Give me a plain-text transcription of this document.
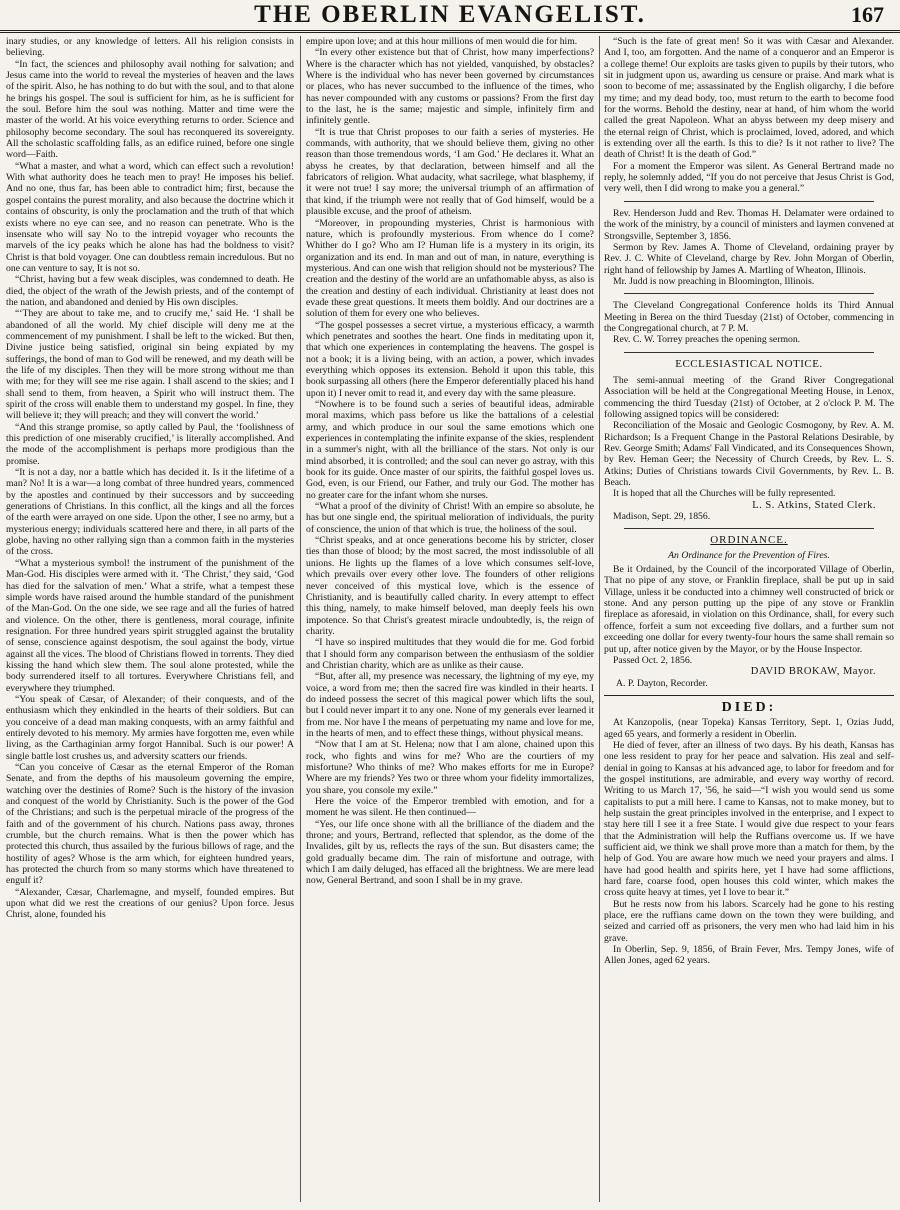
THE OBERLIN EVANGELIST.	167

inary studies, or any knowledge of letters. All his religion consists in believing.

“In fact, the sciences and philosophy avail nothing for salvation; and Jesus came into the world to reveal the mysteries of heaven and the laws of the spirit. Also, he has nothing to do but with the soul, and to that alone he brings his gospel. The soul is sufficient for him, as he is sufficient for the soul. Before him the soul was nothing. Matter and time were the master of the world. At his voice everything returns to order. Science and philosophy become secondary. The soul has reconquered its sovereignty. All the scholastic scaffolding falls, as an edifice ruined, before one single word—Faith.

“What a master, and what a word, which can effect such a revolution! With what authority does he teach men to pray! He imposes his belief. And no one, thus far, has been able to contradict him; first, because the gospel contains the purest morality, and also because the doctrine which it contains of obscurity, is only the proclamation and the truth of that which exists where no eye can see, and no reason can penetrate. Who is the insensate who will say No to the intrepid voyager who recounts the marvels of the icy peaks which he alone has had the boldness to visit? Christ is that bold voyager. One can doubtless remain incredulous. But no one can venture to say, It is not so.

“Christ, having but a few weak disciples, was condemned to death. He died, the object of the wrath of the Jewish priests, and of the contempt of the nation, and abandoned and denied by His own disciples.

“‘They are about to take me, and to crucify me,’ said He. ‘I shall be abandoned of all the world. My chief disciple will deny me at the commencement of my punishment. I shall be left to the wicked. But then, Divine justice being satisfied, original sin being expiated by my sufferings, the bond of man to God will be renewed, and my death will be the life of my disciples. Then they will be more strong without me than with me; for they will see me rise again. I shall ascend to the skies; and I shall send to them, from heaven, a Spirit who will instruct them. The spirit of the cross will enable them to understand my gospel. In fine, they will believe it; they will preach; and they will convert the world.’

“And this strange promise, so aptly called by Paul, the ‘foolishness of this prediction of one miserably crucified,’ is literally accomplished. And the mode of the accomplishment is perhaps more prodigious than the promise.

“It is not a day, nor a battle which has decided it. Is it the lifetime of a man? No! It is a war—a long combat of three hundred years, commenced by the apostles and continued by their successors and by succeeding generations of Christians. In this conflict, all the kings and all the forces of the earth were arrayed on one side. Upon the other, I see no army, but a mysterious energy; individuals scattered here and there, in all parts of the globe, having no other rallying sign than a common faith in the mysteries of the cross.

“What a mysterious symbol! the instrument of the punishment of the Man-God. His disciples were armed with it. ‘The Christ,’ they said, ‘God has died for the salvation of men.’ What a strife, what a tempest these simple words have raised around the humble standard of the punishment of the Man-God. On the one side, we see rage and all the furies of hatred and violence. On the other, there is gentleness, moral courage, infinite resignation. For three hundred years spirit struggled against the brutality of sense, conscience against despotism, the soul against the body, virtue against all the vices. The blood of Christians flowed in torrents. They died kissing the hand which slew them. The soul alone protested, while the body surrendered itself to all tortures. Everywhere Christians fell, and everywhere they triumphed.

“You speak of Cæsar, of Alexander; of their conquests, and of the enthusiasm which they enkindled in the hearts of their soldiers. But can you conceive of a dead man making conquests, with an army faithful and entirely devoted to his memory. My armies have forgotten me, even while living, as the Carthaginian army forgot Hannibal. Such is our power! A single battle lost crushes us, and adversity scatters our friends.

“Can you conceive of Cæsar as the eternal Emperor of the Roman Senate, and from the depths of his mausoleum governing the empire, watching over the destinies of Rome? Such is the history of the invasion and conquest of the world by Christianity. Such is the power of the God of the Christians; and such is the perpetual miracle of the progress of the faith and of the government of his church. Nations pass away, thrones crumble, but the church remains. What is then the power which has protected this church, thus assailed by the furious billows of rage, and the hostility of ages? Whose is the arm which, for eighteen hundred years, has protected the church from so many storms which have threatened to engulf it?

“Alexander, Cæsar, Charlemagne, and myself, founded empires. But upon what did we rest the creations of our genius? Upon force. Jesus Christ, alone, founded his

empire upon love; and at this hour millions of men would die for him.

“In every other existence but that of Christ, how many imperfections? Where is the character which has not yielded, vanquished, by obstacles? Where is the individual who has never been governed by circumstances or places, who has never succumbed to the influence of the times, who has never compounded with any customs or passions? From the first day to the last, he is the same; majestic and simple, infinitely firm and infinitely gentle.

“It is true that Christ proposes to our faith a series of mysteries. He commands, with authority, that we should believe them, giving no other reason than those tremendous words, ‘I am God.’ He declares it. What an abyss he creates, by that declaration, between himself and all the fabricators of religion. What audacity, what sacrilege, what blasphemy, if it were not true! I say more; the universal triumph of an affirmation of that kind, if the triumph were not really that of God himself, would be a plausible excuse, and the proof of atheism.

“Moreover, in propounding mysteries, Christ is harmonious with nature, which is profoundly mysterious. From whence do I come? Whither do I go? Who am I? Human life is a mystery in its origin, its organization and its end. In man and out of man, in nature, everything is mysterious. And can one wish that religion should not be mysterious? The creation and the destiny of the world are an unfathomable abyss, as also is the creation and destiny of each individual. Christianity at least does not evade these great questions. It meets them boldly. And our doctrines are a solution of them for every one who believes.

“The gospel possesses a secret virtue, a mysterious efficacy, a warmth which penetrates and soothes the heart. One finds in meditating upon it, that which one experiences in contemplating the heavens. The gospel is not a book; it is a living being, with an action, a power, which invades everything which opposes its extension. Behold it upon this table, this book surpassing all others (here the Emperor deferentially placed his hand upon it) I never omit to read it, and every day with the same pleasure.

“Nowhere is to be found such a series of beautiful ideas, admirable moral maxims, which pass before us like the battalions of a celestial army, and which produce in our soul the same emotions which one experiences in contemplating the infinite expanse of the skies, resplendent in a summer's night, with all the brilliance of the stars. Not only is our mind absorbed, it is controlled; and the soul can never go astray, with this book for its guide. Once master of our spirits, the faithful gospel loves us. God, even, is our Friend, our Father, and truly our God. The mother has no greater care for the infant whom she nurses.

“What a proof of the divinity of Christ! With an empire so absolute, he has but one single end, the spiritual melioration of individuals, the purity of conscience, the union of that which is true, the holiness of the soul.

“Christ speaks, and at once generations become his by stricter, closer ties than those of blood; by the most sacred, the most indissoluble of all unions. He lights up the flames of a love which consumes self-love, which prevails over every other love. The founders of other religions never conceived of this mystical love, which is the essence of Christianity, and is beautifully called charity. In every attempt to effect this thing, namely, to make himself beloved, man deeply feels his own impotence. So that Christ's greatest miracle undoubtedly, is, the reign of charity.

“I have so inspired multitudes that they would die for me. God forbid that I should form any comparison between the enthusiasm of the soldier and Christian charity, which are as unlike as their cause.

“But, after all, my presence was necessary, the lightning of my eye, my voice, a word from me; then the sacred fire was kindled in their hearts. I do indeed possess the secret of this magical power which lifts the soul, but I could never impart it to any one. None of my generals ever learned it from me. Nor have I the means of perpetuating my name and love for me, in the hearts of men, and to effect these things, without physical means.

“Now that I am at St. Helena; now that I am alone, chained upon this rock, who fights and wins for me? Who are the courtiers of my misfortune? Who thinks of me? Who makes efforts for me in Europe? Where are my friends? Yes two or three whom your fidelity immortalizes, you share, you console my exile.”

Here the voice of the Emperor trembled with emotion, and for a moment he was silent. He then continued—

“Yes, our life once shone with all the brilliance of the diadem and the throne; and yours, Bertrand, reflected that splendor, as the dome of the Invalides, gilt by us, reflects the rays of the sun. But disasters came; the gold gradually became dim. The rain of misfortune and outrage, with which I am daily deluged, has effaced all the brightness. We are mere lead now, General Bertrand, and soon I shall be in my grave.

“Such is the fate of great men! So it was with Cæsar and Alexander. And I, too, am forgotten. And the name of a conqueror and an Emperor is a college theme! Our exploits are tasks given to pupils by their tutors, who sit in judgment upon us, awarding us censure or praise. And mark what is soon to become of me; assassinated by the English oligarchy, I die before my time; and my dead body, too, must return to the earth to become food for the worms. Behold the destiny, near at hand, of him whom the world called the great Napoleon. What an abyss between my deep misery and the eternal reign of Christ, which is proclaimed, loved, adored, and which is extending over all the earth. Is this to die? Is it not rather to live? The death of Christ! It is the death of God.”

For a moment the Emperor was silent. As General Bertrand made no reply, he solemnly added, “If you do not perceive that Jesus Christ is God, very well, then I did wrong to make you a general.”

Rev. Henderson Judd and Rev. Thomas H. Delamater were ordained to the work of the ministry, by a council of ministers and laymen convened at Strongsville, September 3, 1856.

Sermon by Rev. James A. Thome of Cleveland, ordaining prayer by Rev. J. C. White of Cleveland, charge by Rev. John Morgan of Oberlin, right hand of fellowship by James A. Martling of Wheaton, Illinois.

Mr. Judd is now preaching in Bloomington, Illinois.

The Cleveland Congregational Conference holds its Third Annual Meeting in Berea on the third Tuesday (21st) of October, commencing in the Congregational church, at 7 P. M.

Rev. C. W. Torrey preaches the opening sermon.

ECCLESIASTICAL NOTICE.

The semi-annual meeting of the Grand River Congregational Association will be held at the Congregational Meeting House, in Lenox, commencing the third Tuesday (21st) of October, at 2 o'clock P. M. The following assigned topics will be considered:

Reconciliation of the Mosaic and Geologic Cosmogony, by Rev. A. M. Richardson; Is a Frequent Change in the Pastoral Relations Desirable, by Rev. George Smith; Adams' Fall Vindicated, and its Consequences Shown, by Rev. Heman Geer; the Necessity of Church Creeds, by Rev. L. S. Atkins; Duties of Christians towards Civil Governments, by Rev. L. B. Beach.

It is hoped that all the Churches will be fully represented.

L. S. Atkins, Stated Clerk.

Madison, Sept. 29, 1856.

ORDINANCE.
An Ordinance for the Prevention of Fires.

Be it Ordained, by the Council of the incorporated Village of Oberlin, That no pipe of any stove, or Franklin fireplace, shall be put up in said Village, unless it be conducted into a chimney well constructed of brick or stone. And any person putting up the pipe of any stove or Franklin fireplace as aforesaid, in violation on this Ordinance, shall, for every such offence, forfeit a sum not exceeding five dollars, and a further sum not exceeding one dollar for every twenty-four hours the same shall remain so put up, after notice given by the Mayor, or by the House Inspector.

Passed Oct. 2, 1856.

DAVID BROKAW, Mayor.

A. P. Dayton, Recorder.

DIED:

At Kanzopolis, (near Topeka) Kansas Territory, Sept. 1, Ozias Judd, aged 65 years, and formerly a resident in Oberlin.

He died of fever, after an illness of two days. By his death, Kansas has one less resident to pray for her peace and salvation. His zeal and self-denial in going to Kansas at his advanced age, to labor for freedom and for the gospel institutions, are admirable, and every way worthy of record. Writing to us March 17, '56, he said—“I wish you would send us some capitalists to put a mill here. I came to Kansas, not to make money, but to help sustain the great principles involved in the enterprise, and I expect to stay here till I see it a free State. I would give due respect to your fears that the Administration will help the Ruffians overcome us. If we have sufficient aid, we think we shall prove more than a match for them, by the help of God. You are aware how much we need your prayers and alms. I have had good health and spirits here, yet I have had some afflictions, hard fare, coarse food, open houses this cold winter, which makes the cross quite heavy at times, yet I love to bear it.”

But he rests now from his labors. Scarcely had he gone to his resting place, ere the ruffians came down on the town they were building, and seized and carried off as prisoners, the very men who had laid him in his grave.

In Oberlin, Sep. 9, 1856, of Brain Fever, Mrs. Tempy Jones, wife of Allen Jones, aged 62 years.
